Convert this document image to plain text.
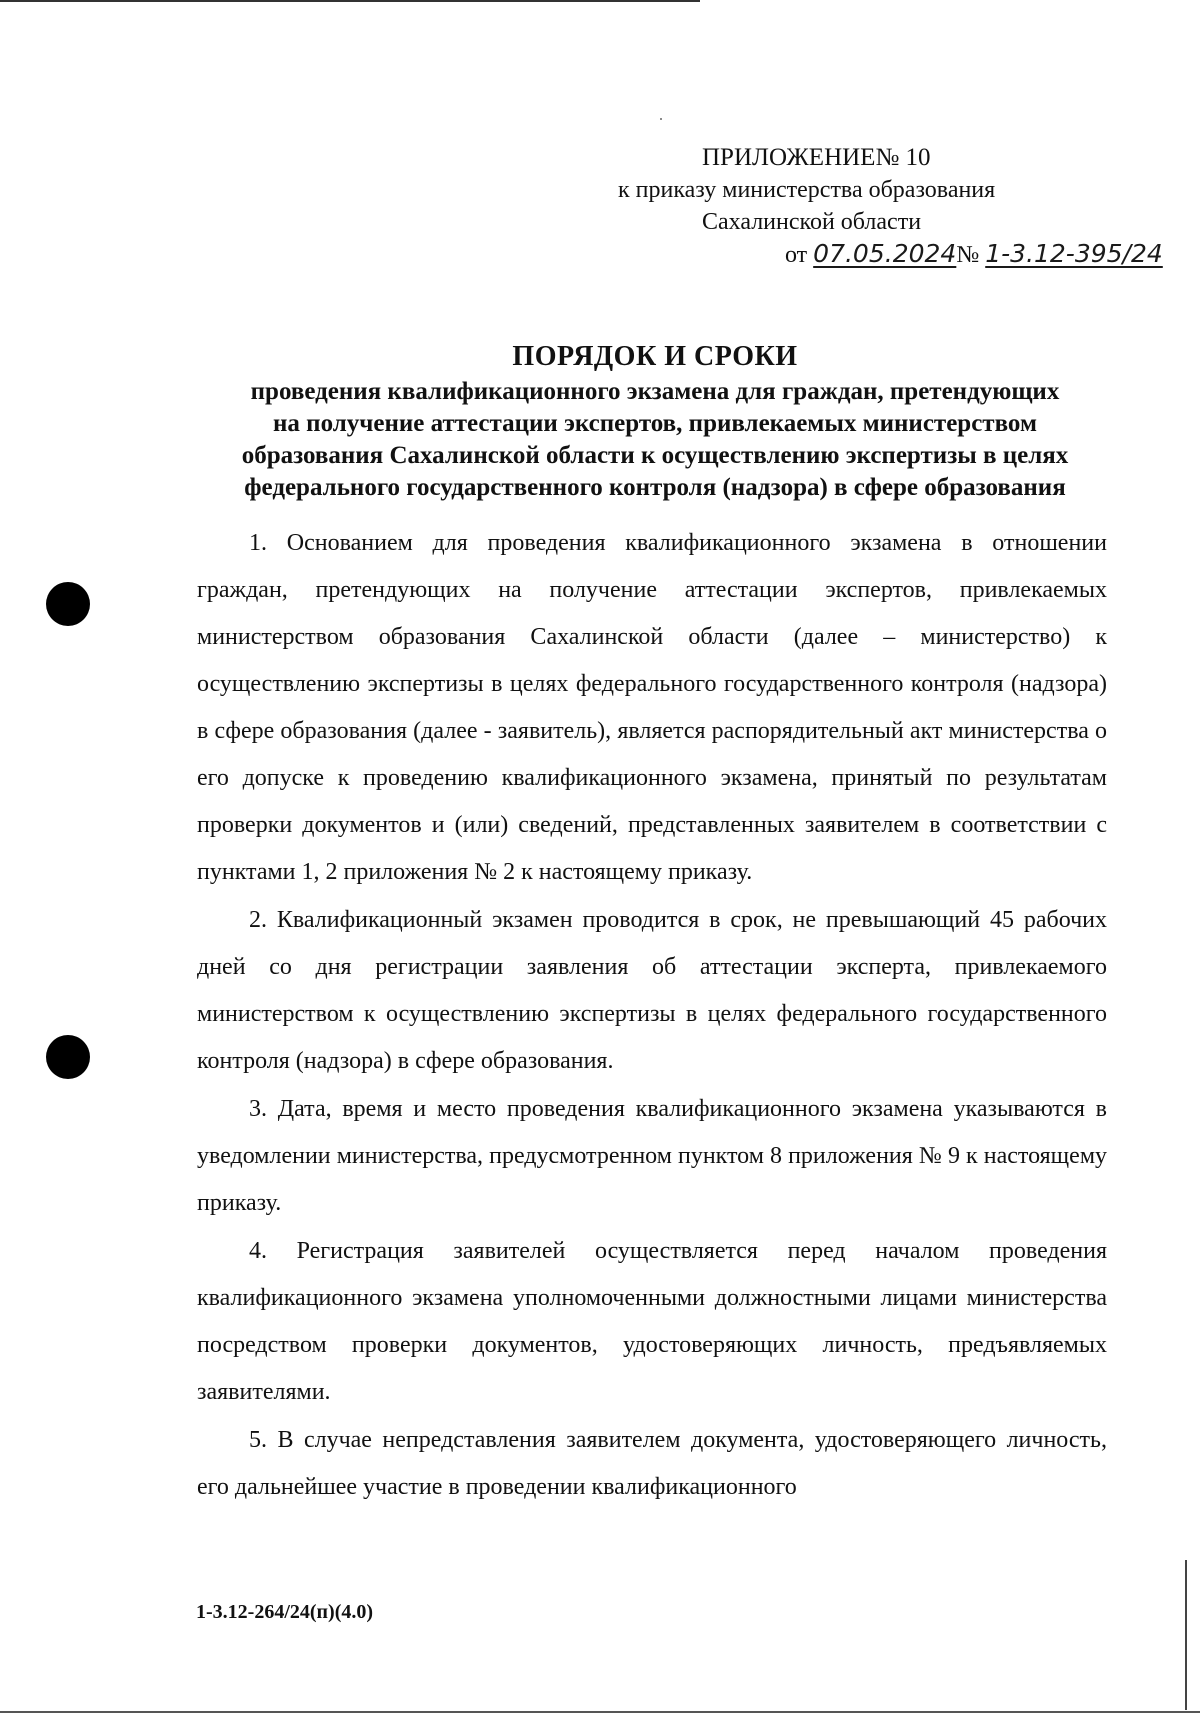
ПРИЛОЖЕНИЕ№ 10
к приказу министерства образования
Сахалинской области
от 07.05.2024№ 1-3.12-395/24
ПОРЯДОК И СРОКИ
проведения квалификационного экзамена для граждан, претендующих
на получение аттестации экспертов, привлекаемых министерством
образования Сахалинской области к осуществлению экспертизы в целях
федерального государственного контроля (надзора) в сфере образования

1. Основанием для проведения квалификационного экзамена в отношении граждан, претендующих на получение аттестации экспертов, привлекаемых министерством образования Сахалинской области (далее – министерство) к осуществлению экспертизы в целях федерального государственного контроля (надзора) в сфере образования (далее - заявитель), является распорядительный акт министерства о его допуске к проведению квалификационного экзамена, принятый по результатам проверки документов и (или) сведений, представленных заявителем в соответствии с пунктами 1, 2 приложения № 2 к настоящему приказу.

2. Квалификационный экзамен проводится в срок, не превышающий 45 рабочих дней со дня регистрации заявления об аттестации эксперта, привлекаемого министерством к осуществлению экспертизы в целях федерального государственного контроля (надзора) в сфере образования.

3. Дата, время и место проведения квалификационного экзамена указываются в уведомлении министерства, предусмотренном пунктом 8 приложения № 9 к настоящему приказу.

4. Регистрация заявителей осуществляется перед началом проведения квалификационного экзамена уполномоченными должностными лицами министерства посредством проверки документов, удостоверяющих личность, предъявляемых заявителями.

5. В случае непредставления заявителем документа, удостоверяющего личность, его дальнейшее участие в проведении квалификационного

1-3.12-264/24(п)(4.0)
